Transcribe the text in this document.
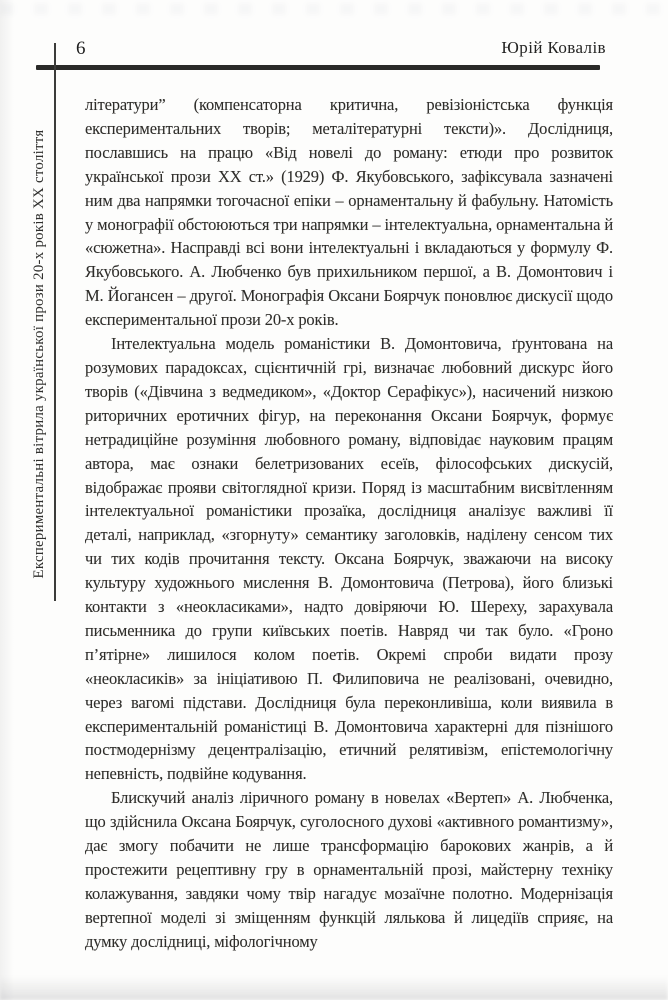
6	Юрій Ковалів
Експериментальні вітрила української прози 20-х років XX століття

літератури” (компенсаторна критична, ревізіоністська функція експериментальних творів; металітературні тексти)». Дослідниця, пославшись на працю «Від новелі до роману: етюди про розвиток української прози XX ст.» (1929) Ф. Якубовського, зафіксувала зазначені ним два напрямки тогочасної епіки – орнаментальну й фабульну. Натомість у монографії обстоюються три напрямки – інтелектуальна, орнаментальна й «сюжетна». Насправді всі вони інтелектуальні і вкладаються у формулу Ф. Якубовського. А. Любченко був прихильником першої, а В. Домонтович і М. Йогансен – другої. Монографія Оксани Боярчук поновлює дискусії щодо експериментальної прози 20-х років.

Інтелектуальна модель романістики В. Домонтовича, ґрунтована на розумових парадоксах, сцієнтичній грі, визначає любовний дискурс його творів («Дівчина з ведмедиком», «Доктор Серафікус»), насичений низкою риторичних еротичних фігур, на переконання Оксани Боярчук, формує нетрадиційне розуміння любовного роману, відповідає науковим працям автора, має ознаки белетризованих есеїв, філософських дискусій, відображає прояви світоглядної кризи. Поряд із масштабним висвітленням інтелектуальної романістики прозаїка, дослідниця аналізує важливі її деталі, наприклад, «згорнуту» семантику заголовків, наділену сенсом тих чи тих кодів прочитання тексту. Оксана Боярчук, зважаючи на високу культуру художнього мислення В. Домонтовича (Петрова), його близькі контакти з «неокласиками», надто довіряючи Ю. Шереху, зарахувала письменника до групи київських поетів. Навряд чи так було. «Гроно п’ятірне» лишилося колом поетів. Окремі спроби видати прозу «неокласиків» за ініціативою П. Филиповича не реалізовані, очевидно, через вагомі підстави. Дослідниця була переконливіша, коли виявила в експериментальній романістиці В. Домонтовича характерні для пізнішого постмодернізму децентралізацію, етичний релятивізм, епістемологічну непевність, подвійне кодування.

Блискучий аналіз ліричного роману в новелах «Вертеп» А. Любченка, що здійснила Оксана Боярчук, суголосного духові «активного романтизму», дає змогу побачити не лише трансформацію барокових жанрів, а й простежити рецептивну гру в орнаментальній прозі, майстерну техніку колажування, завдяки чому твір нагадує мозаїчне полотно. Модернізація вертепної моделі зі зміщенням функцій лялькова й лицедіїв сприяє, на думку дослідниці, міфологічному
